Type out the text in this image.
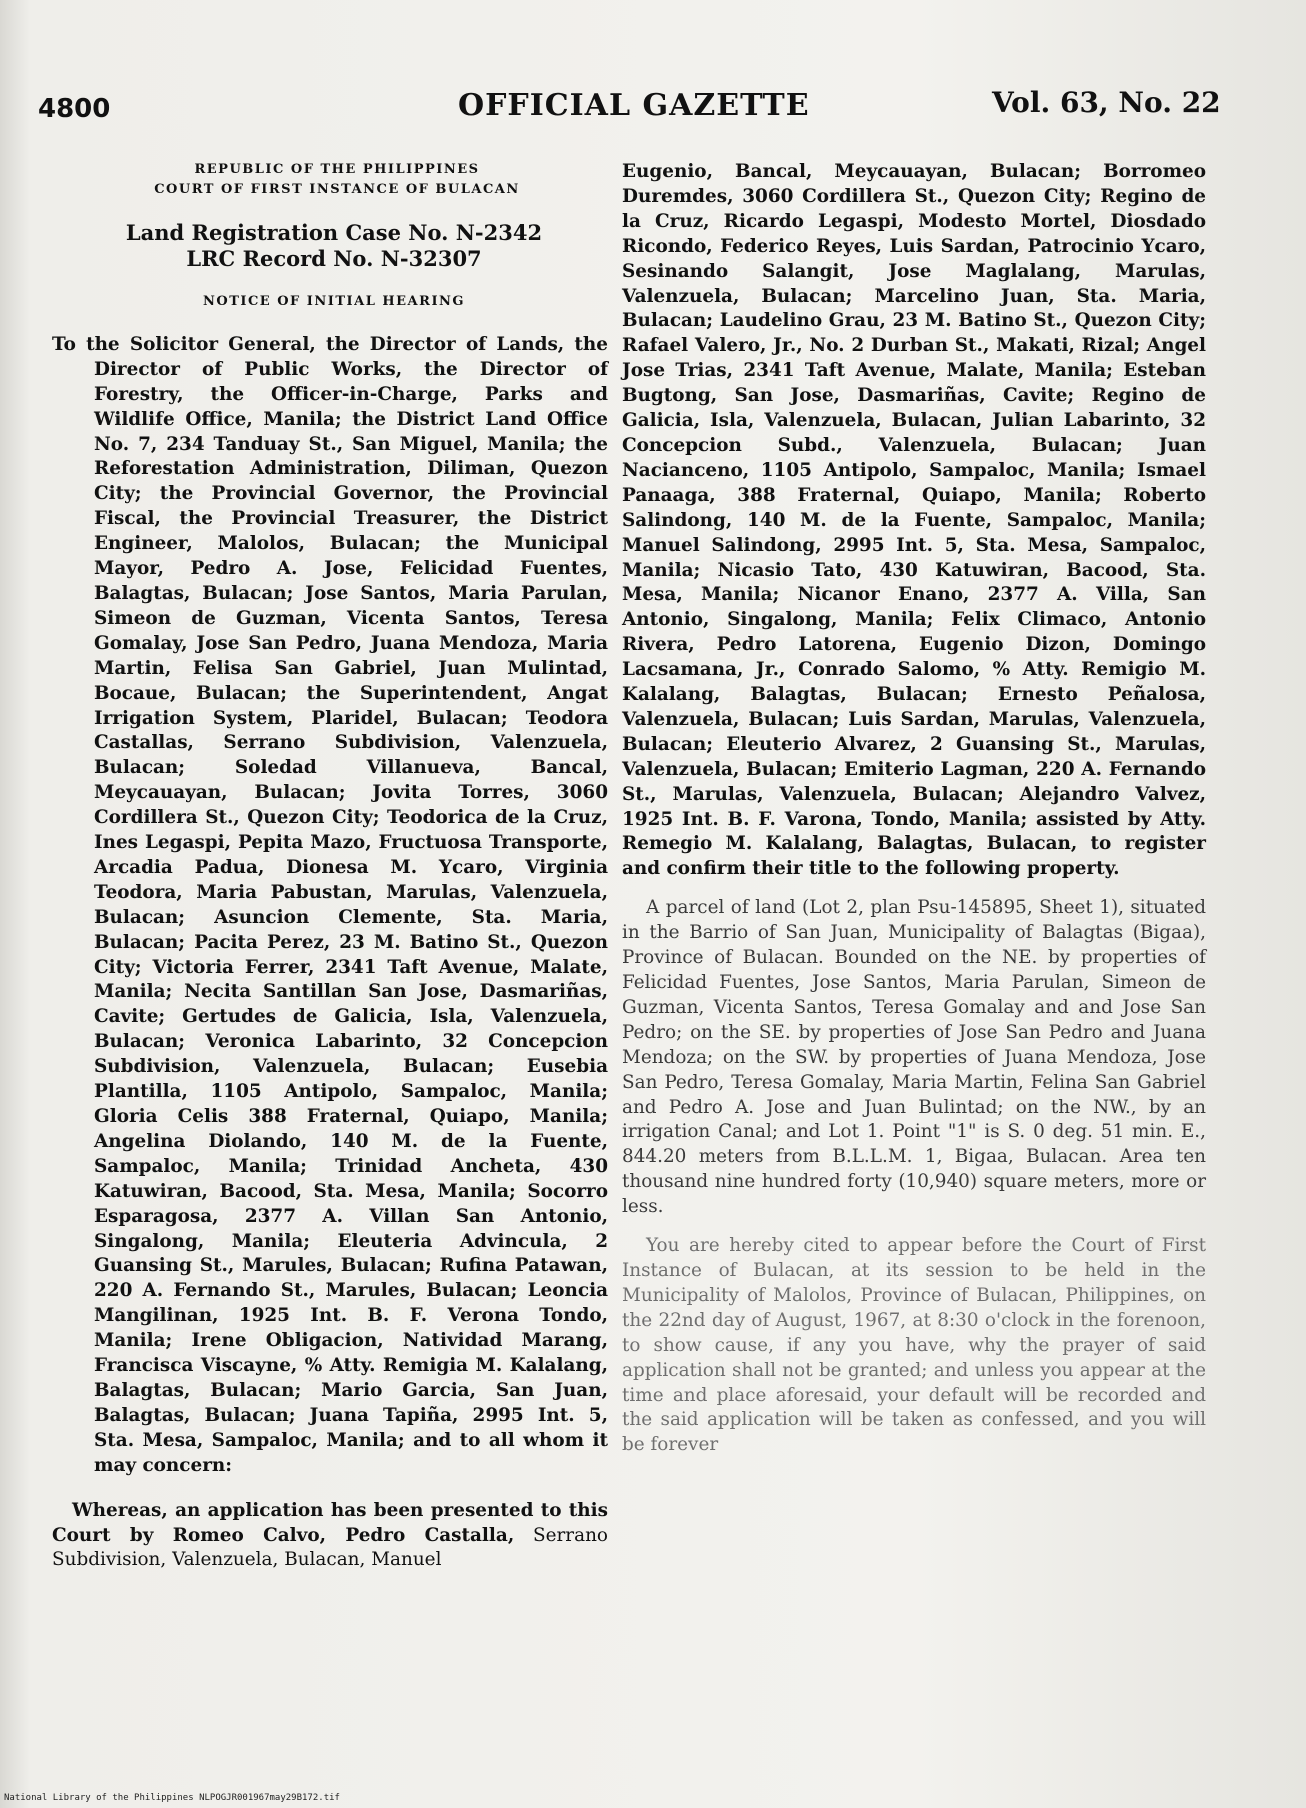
4800	OFFICIAL GAZETTE	Vol. 63, No. 22
REPUBLIC OF THE PHILIPPINES
COURT OF FIRST INSTANCE OF BULACAN
Land Registration Case No. N-2342
LRC Record No. N-32307
NOTICE OF INITIAL HEARING

To the Solicitor General, the Director of Lands, the Director of Public Works, the Director of Forestry, the Officer-in-Charge, Parks and Wildlife Office, Manila; the District Land Office No. 7, 234 Tanduay St., San Miguel, Manila; the Reforestation Administration, Diliman, Quezon City; the Provincial Governor, the Provincial Fiscal, the Provincial Treasurer, the District Engineer, Malolos, Bulacan; the Municipal Mayor, Pedro A. Jose, Felicidad Fuentes, Balagtas, Bulacan; Jose Santos, Maria Parulan, Simeon de Guzman, Vicenta Santos, Teresa Gomalay, Jose San Pedro, Juana Mendoza, Maria Martin, Felisa San Gabriel, Juan Mulintad, Bocaue, Bulacan; the Superintendent, Angat Irrigation System, Plaridel, Bulacan; Teodora Castallas, Serrano Subdivision, Valenzuela, Bulacan; Soledad Villanueva, Bancal, Meycauayan, Bulacan; Jovita Torres, 3060 Cordillera St., Quezon City; Teodorica de la Cruz, Ines Legaspi, Pepita Mazo, Fructuosa Transporte, Arcadia Padua, Dionesa M. Ycaro, Virginia Teodora, Maria Pabustan, Marulas, Valenzuela, Bulacan; Asuncion Clemente, Sta. Maria, Bulacan; Pacita Perez, 23 M. Batino St., Quezon City; Victoria Ferrer, 2341 Taft Avenue, Malate, Manila; Necita Santillan San Jose, Dasmariñas, Cavite; Gertudes de Galicia, Isla, Valenzuela, Bulacan; Veronica Labarinto, 32 Concepcion Subdivision, Valenzuela, Bulacan; Eusebia Plantilla, 1105 Antipolo, Sampaloc, Manila; Gloria Celis 388 Fraternal, Quiapo, Manila; Angelina Diolando, 140 M. de la Fuente, Sampaloc, Manila; Trinidad Ancheta, 430 Katuwiran, Bacood, Sta. Mesa, Manila; Socorro Esparagosa, 2377 A. Villan San Antonio, Singalong, Manila; Eleuteria Advincula, 2 Guansing St., Marules, Bulacan; Rufina Patawan, 220 A. Fernando St., Marules, Bulacan; Leoncia Mangilinan, 1925 Int. B. F. Verona Tondo, Manila; Irene Obligacion, Natividad Marang, Francisca Viscayne, % Atty. Remigia M. Kalalang, Balagtas, Bulacan; Mario Garcia, San Juan, Balagtas, Bulacan; Juana Tapiña, 2995 Int. 5, Sta. Mesa, Sampaloc, Manila; and to all whom it may concern:

Whereas, an application has been presented to this Court by Romeo Calvo, Pedro Castalla, Serrano Subdivision, Valenzuela, Bulacan, Manuel

Eugenio, Bancal, Meycauayan, Bulacan; Borromeo Duremdes, 3060 Cordillera St., Quezon City; Regino de la Cruz, Ricardo Legaspi, Modesto Mortel, Diosdado Ricondo, Federico Reyes, Luis Sardan, Patrocinio Ycaro, Sesinando Salangit, Jose Maglalang, Marulas, Valenzuela, Bulacan; Marcelino Juan, Sta. Maria, Bulacan; Laudelino Grau, 23 M. Batino St., Quezon City; Rafael Valero, Jr., No. 2 Durban St., Makati, Rizal; Angel Jose Trias, 2341 Taft Avenue, Malate, Manila; Esteban Bugtong, San Jose, Dasmariñas, Cavite; Regino de Galicia, Isla, Valenzuela, Bulacan, Julian Labarinto, 32 Concepcion Subd., Valenzuela, Bulacan; Juan Nacianceno, 1105 Antipolo, Sampaloc, Manila; Ismael Panaaga, 388 Fraternal, Quiapo, Manila; Roberto Salindong, 140 M. de la Fuente, Sampaloc, Manila; Manuel Salindong, 2995 Int. 5, Sta. Mesa, Sampaloc, Manila; Nicasio Tato, 430 Katuwiran, Bacood, Sta. Mesa, Manila; Nicanor Enano, 2377 A. Villa, San Antonio, Singalong, Manila; Felix Climaco, Antonio Rivera, Pedro Latorena, Eugenio Dizon, Domingo Lacsamana, Jr., Conrado Salomo, % Atty. Remigio M. Kalalang, Balagtas, Bulacan; Ernesto Peñalosa, Valenzuela, Bulacan; Luis Sardan, Marulas, Valenzuela, Bulacan; Eleuterio Alvarez, 2 Guansing St., Marulas, Valenzuela, Bulacan; Emiterio Lagman, 220 A. Fernando St., Marulas, Valenzuela, Bulacan; Alejandro Valvez, 1925 Int. B. F. Varona, Tondo, Manila; assisted by Atty. Remegio M. Kalalang, Balagtas, Bulacan, to register and confirm their title to the following property.

A parcel of land (Lot 2, plan Psu-145895, Sheet 1), situated in the Barrio of San Juan, Municipality of Balagtas (Bigaa), Province of Bulacan. Bounded on the NE. by properties of Felicidad Fuentes, Jose Santos, Maria Parulan, Simeon de Guzman, Vicenta Santos, Teresa Gomalay and and Jose San Pedro; on the SE. by properties of Jose San Pedro and Juana Mendoza; on the SW. by properties of Juana Mendoza, Jose San Pedro, Teresa Gomalay, Maria Martin, Felina San Gabriel and Pedro A. Jose and Juan Bulintad; on the NW., by an irrigation Canal; and Lot 1. Point "1" is S. 0 deg. 51 min. E., 844.20 meters from B.L.L.M. 1, Bigaa, Bulacan. Area ten thousand nine hundred forty (10,940) square meters, more or less.

You are hereby cited to appear before the Court of First Instance of Bulacan, at its session to be held in the Municipality of Malolos, Province of Bulacan, Philippines, on the 22nd day of August, 1967, at 8:30 o'clock in the forenoon, to show cause, if any you have, why the prayer of said application shall not be granted; and unless you appear at the time and place aforesaid, your default will be recorded and the said application will be taken as confessed, and you will be forever

National Library of the Philippines NLPOGJR001967may29B172.tif
